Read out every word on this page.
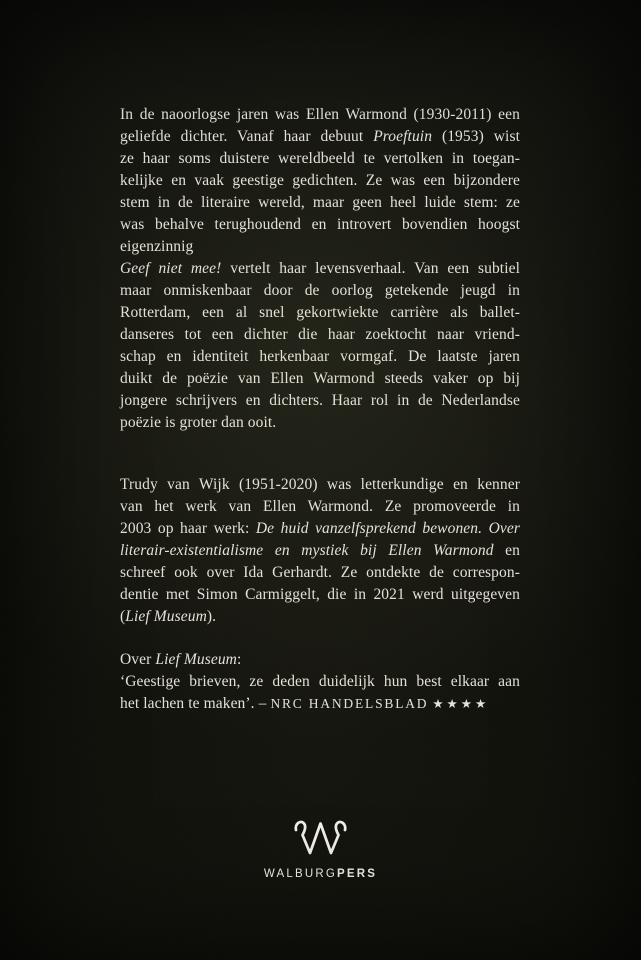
In de naoorlogse jaren was Ellen Warmond (1930-2011) een
geliefde dichter. Vanaf haar debuut Proeftuin (1953) wist
ze haar soms duistere wereldbeeld te vertolken in toegan-
kelijke en vaak geestige gedichten. Ze was een bijzondere
stem in de literaire wereld, maar geen heel luide stem: ze
was behalve terughoudend en introvert bovendien hoogst
eigenzinnig
Geef niet mee! vertelt haar levensverhaal. Van een subtiel
maar onmiskenbaar door de oorlog getekende jeugd in
Rotterdam, een al snel gekortwiekte carrière als ballet-
danseres tot een dichter die haar zoektocht naar vriend-
schap en identiteit herkenbaar vormgaf. De laatste jaren
duikt de poëzie van Ellen Warmond steeds vaker op bij
jongere schrijvers en dichters. Haar rol in de Nederlandse
poëzie is groter dan ooit.
Trudy van Wijk (1951-2020) was letterkundige en kenner
van het werk van Ellen Warmond. Ze promoveerde in
2003 op haar werk: De huid vanzelfsprekend bewonen. Over
literair-existentialisme en mystiek bij Ellen Warmond en
schreef ook over Ida Gerhardt. Ze ontdekte de correspon-
dentie met Simon Carmiggelt, die in 2021 werd uitgegeven
(Lief Museum).
Over Lief Museum:
‘Geestige brieven, ze deden duidelijk hun best elkaar aan
het lachen te maken’. – NRC HANDELSBLAD ★★★★
WALBURGPERS
